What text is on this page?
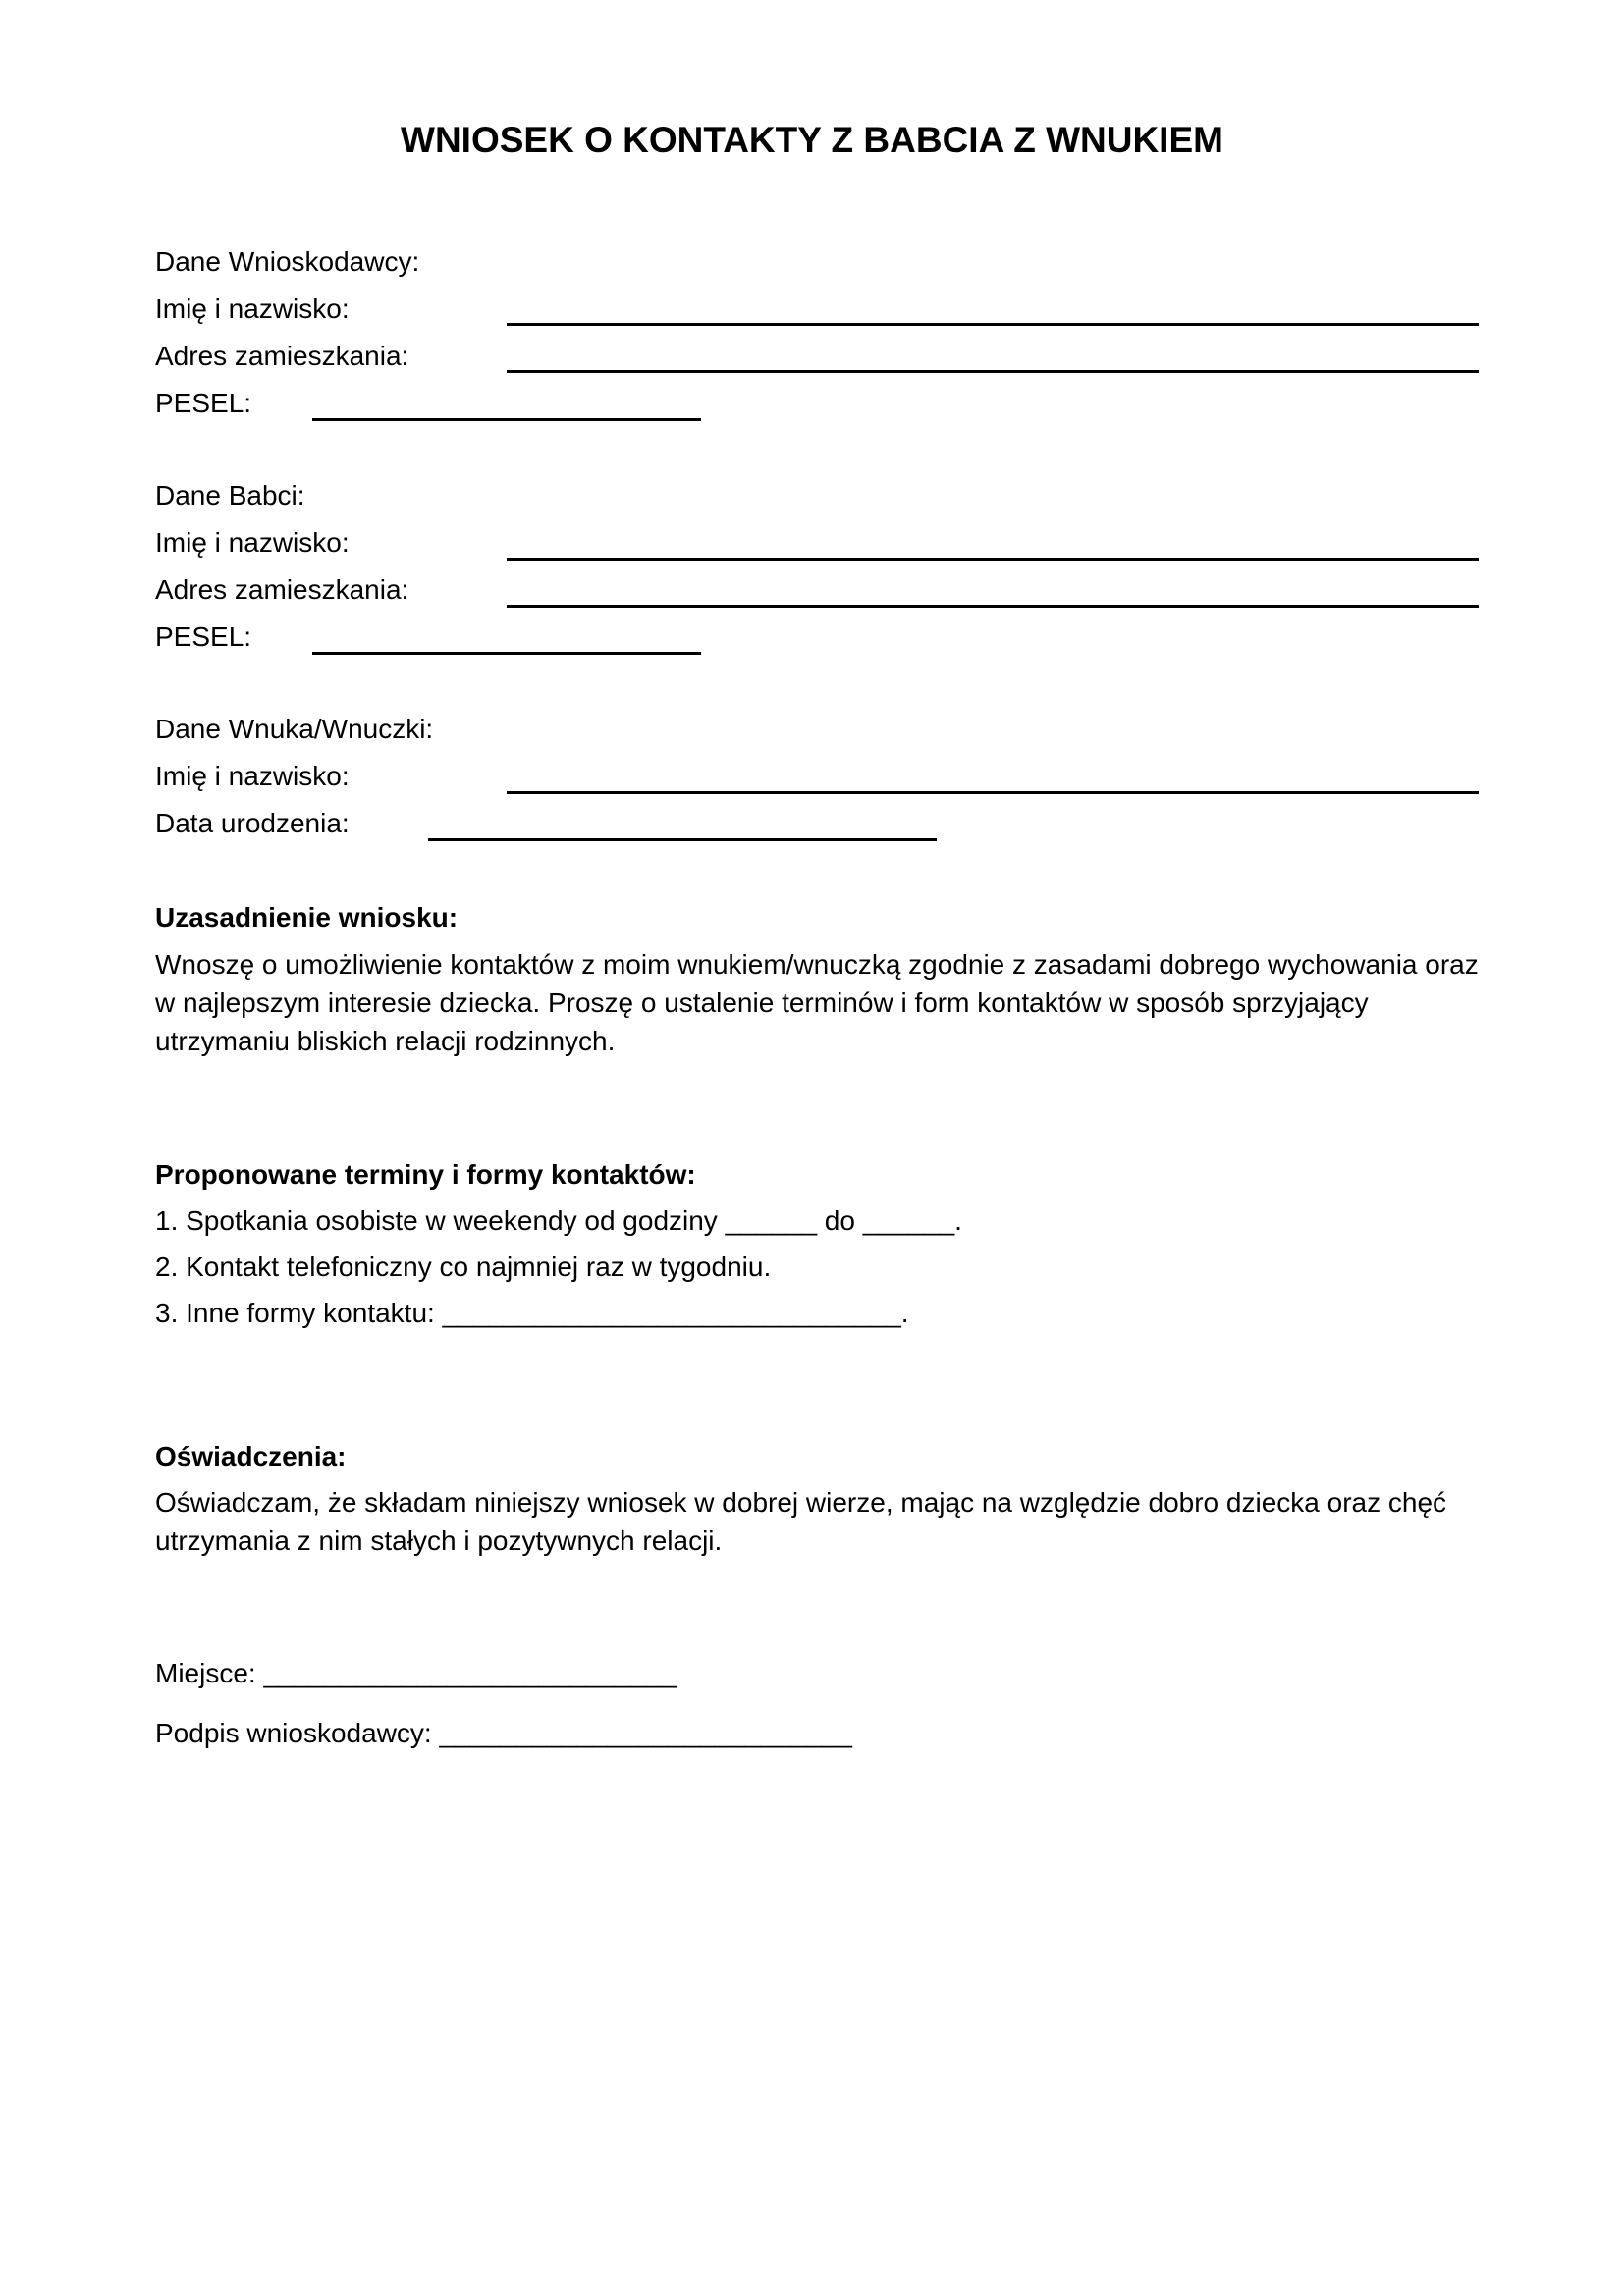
WNIOSEK O KONTAKTY Z BABCIA Z WNUKIEM
Dane Wnioskodawcy:
Imię i nazwisko:
Adres zamieszkania:
PESEL:
Dane Babci:
Imię i nazwisko:
Adres zamieszkania:
PESEL:
Dane Wnuka/Wnuczki:
Imię i nazwisko:
Data urodzenia:
Uzasadnienie wniosku:
Wnoszę o umożliwienie kontaktów z moim wnukiem/wnuczką zgodnie z zasadami dobrego wychowania oraz
w najlepszym interesie dziecka. Proszę o ustalenie terminów i form kontaktów w sposób sprzyjający
utrzymaniu bliskich relacji rodzinnych.
Proponowane terminy i formy kontaktów:
1. Spotkania osobiste w weekendy od godziny ______ do ______.
2. Kontakt telefoniczny co najmniej raz w tygodniu.
3. Inne formy kontaktu: ______________________________.
Oświadczenia:
Oświadczam, że składam niniejszy wniosek w dobrej wierze, mając na względzie dobro dziecka oraz chęć
utrzymania z nim stałych i pozytywnych relacji.
Miejsce: ___________________________
Podpis wnioskodawcy: ___________________________
